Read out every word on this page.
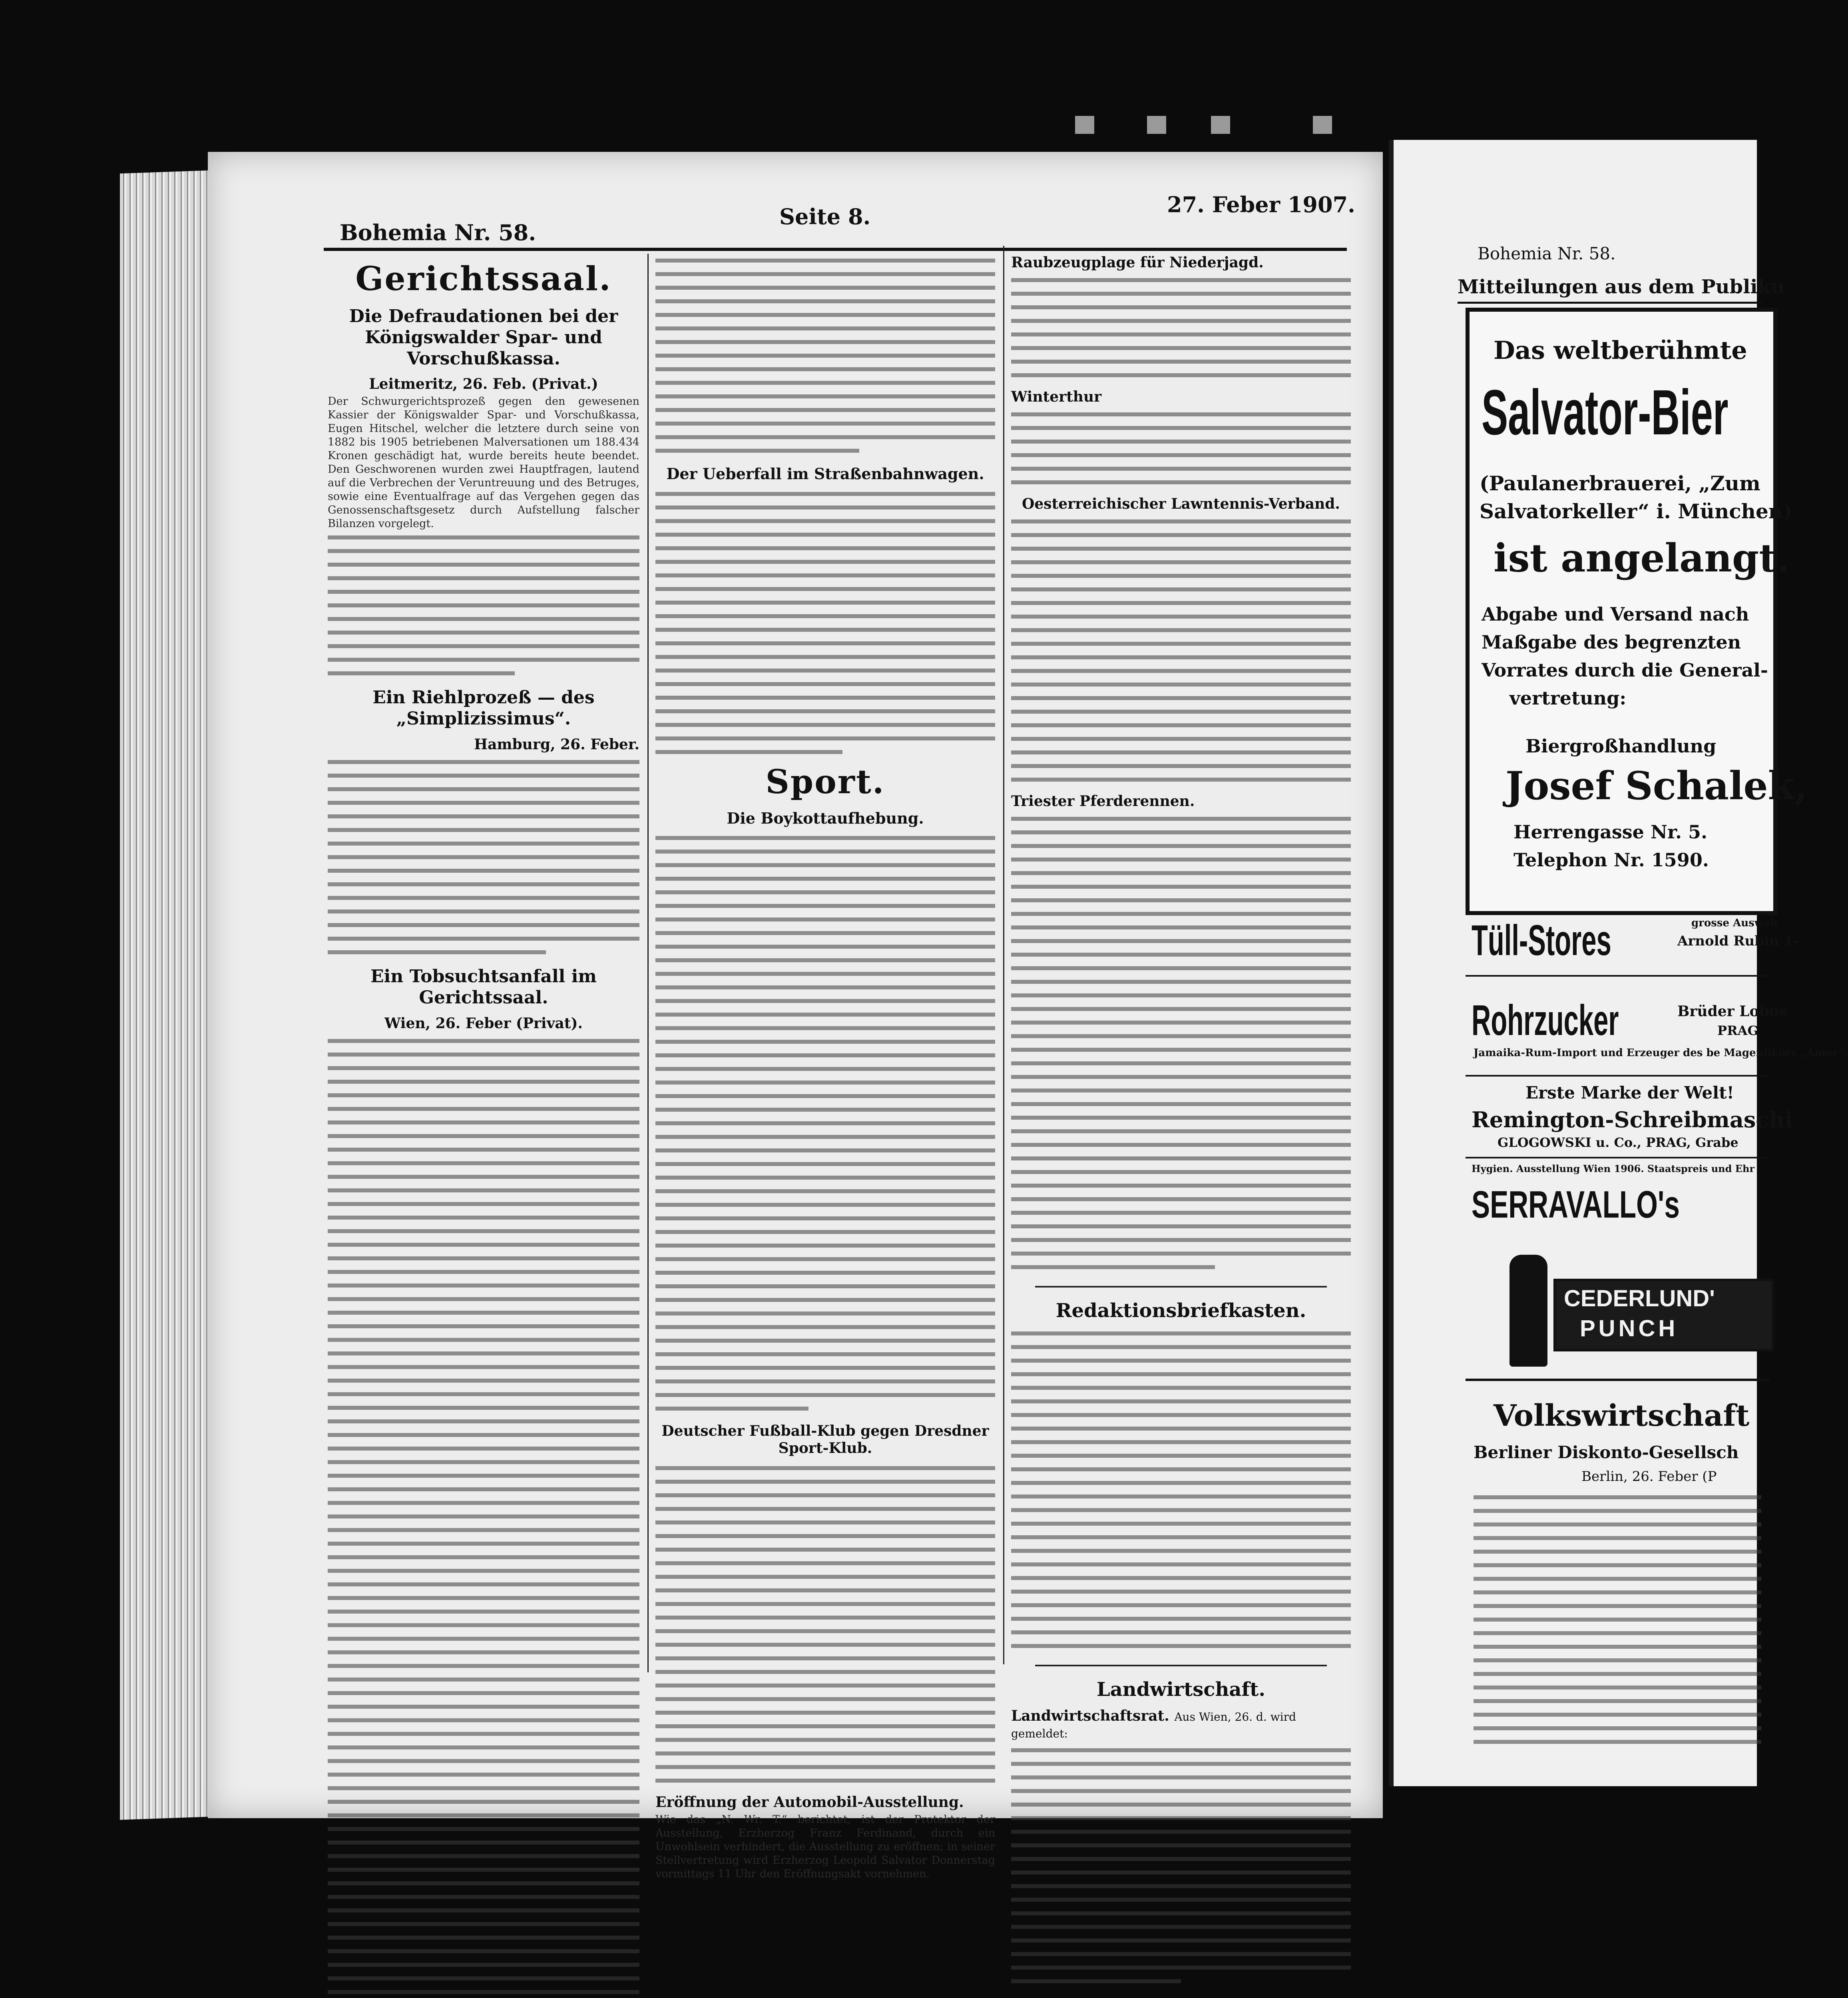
Bohemia Nr. 58.
Seite 8.	27. Feber 1907.
Gerichtssaal.
Die Defraudationen bei der Königswalder Spar- und Vorschußkassa.
Leitmeritz, 26. Feb. (Privat.)

Der Schwurgerichtsprozeß gegen den gewesenen Kassier der Königswalder Spar- und Vorschußkassa, Eugen Hitschel, welcher die letztere durch seine von 1882 bis 1905 betriebenen Malversationen um 188.434 Kronen geschädigt hat, wurde bereits heute beendet. Den Geschworenen wurden zwei Hauptfragen, lautend auf die Verbrechen der Veruntreuung und des Betruges, sowie eine Eventualfrage auf das Vergehen gegen das Genossenschaftsgesetz durch Aufstellung falscher Bilanzen vorgelegt.

Ein Riehlprozeß — des „Simplizissimus“.
Hamburg, 26. Feber.
Ein Tobsuchtsanfall im Gerichtssaal.
Wien, 26. Feber (Privat).

Der Ueberfall im Straßenbahnwagen.
Sport.
Die Boykottaufhebung.
Deutscher Fußball-Klub gegen Dresdner Sport-Klub.
Eröffnung der Automobil-Ausstellung.

Wie das „N. Wr. T.“ berichtet, ist der Protektor der Ausstellung, Erzherzog Franz Ferdinand, durch ein Unwohlsein verhindert, die Ausstellung zu eröffnen; in seiner Stellvertretung wird Erzherzog Leopold Salvator Donnerstag vormittags 11 Uhr den Eröffnungsakt vornehmen.

Raubzeugplage für Niederjagd.
Winterthur
Oesterreichischer Lawntennis-Verband.
Triester Pferderennen.
Redaktionsbriefkasten.
Landwirtschaft.
Landwirtschaftsrat. Aus Wien, 26. d. wird gemeldet:
Bohemia Nr. 58.
Mitteilungen aus dem Publiku
Das weltberühmte
Salvator-Bier
(Paulanerbrauerei, „Zum
Salvatorkeller“ i. München)
ist angelangt.
Abgabe und Versand nach
Maßgabe des begrenzten
Vorrates durch die General-
vertretung:
Biergroßhandlung
Josef Schalek,
Herrengasse Nr. 5.
Telephon Nr. 1590.
Tüll-Stores	grosse Auswah
Arnold Rubin 1-
Rohrzucker	Brüder Lobos
PRAG
Jamaika-Rum-Import und Erzeuger des be Magenlikörs „Amor“.
Erste Marke der Welt!
Remington-Schreibmaschi
GLOGOWSKI u. Co., PRAG, Grabe
Hygien. Ausstellung Wien 1906. Staatspreis und Ehr
SERRAVALLO's
CEDERLUND'
PUNCH
Volkswirtschaft
Berliner Diskonto-Gesellsch
Berlin, 26. Feber (P
